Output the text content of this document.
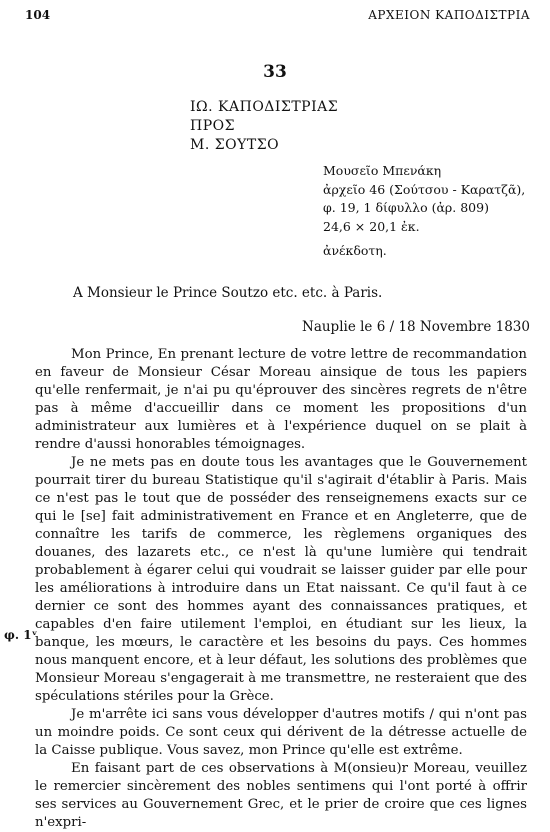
104	ΑΡΧΕΙΟΝ ΚΑΠΟΔΙΣΤΡΙΑ
33
ΙΩ. ΚΑΠΟΔΙΣΤΡΙΑΣ
ΠΡΟΣ
Μ. ΣΟΥΤΣΟ
Μουσεῖο Μπενάκη
ἀρχεῖο 46 (Σούτσου - Καρατζᾶ),
φ. 19, 1 δίφυλλο (ἀρ. 809)
24,6 × 20,1 ἐκ.
ἀνέκδοτη.
A Monsieur le Prince Soutzo etc. etc. à Paris.
Nauplie le 6 / 18 Novembre 1830
φ. 1ᵛ

Mon Prince, En prenant lecture de votre lettre de recommandation en faveur de Monsieur César Moreau ainsique de tous les papiers qu'elle renfermait, je n'ai pu qu'éprouver des sincères regrets de n'être pas à même d'accueillir dans ce moment les propositions d'un administrateur aux lumières et à l'expérience duquel on se plait à rendre d'aussi honorables témoignages.

Je ne mets pas en doute tous les avantages que le Gouvernement pourrait tirer du bureau Statistique qu'il s'agirait d'établir à Paris. Mais ce n'est pas le tout que de posséder des renseignemens exacts sur ce qui le [se] fait administrativement en France et en Angleterre, que de connaître les tarifs de commerce, les règlemens organiques des douanes, des lazarets etc., ce n'est là qu'une lumière qui tendrait probablement à égarer celui qui voudrait se laisser guider par elle pour les améliorations à introduire dans un Etat naissant. Ce qu'il faut à ce dernier ce sont des hommes ayant des connaissances pratiques, et capables d'en faire utilement l'emploi, en étudiant sur les lieux, la banque, les mœurs, le caractère et les besoins du pays. Ces hommes nous manquent encore, et à leur défaut, les solutions des problèmes que Monsieur Moreau s'engagerait à me transmettre, ne resteraient que des spéculations stériles pour la Grèce.

Je m'arrête ici sans vous développer d'autres motifs / qui n'ont pas un moindre poids. Ce sont ceux qui dérivent de la détresse actuelle de la Caisse publique. Vous savez, mon Prince qu'elle est extrême.

En faisant part de ces observations à M(onsieu)r Moreau, veuillez le remercier sincèrement des nobles sentimens qui l'ont porté à offrir ses services au Gouvernement Grec, et le prier de croire que ces lignes n'expri-
